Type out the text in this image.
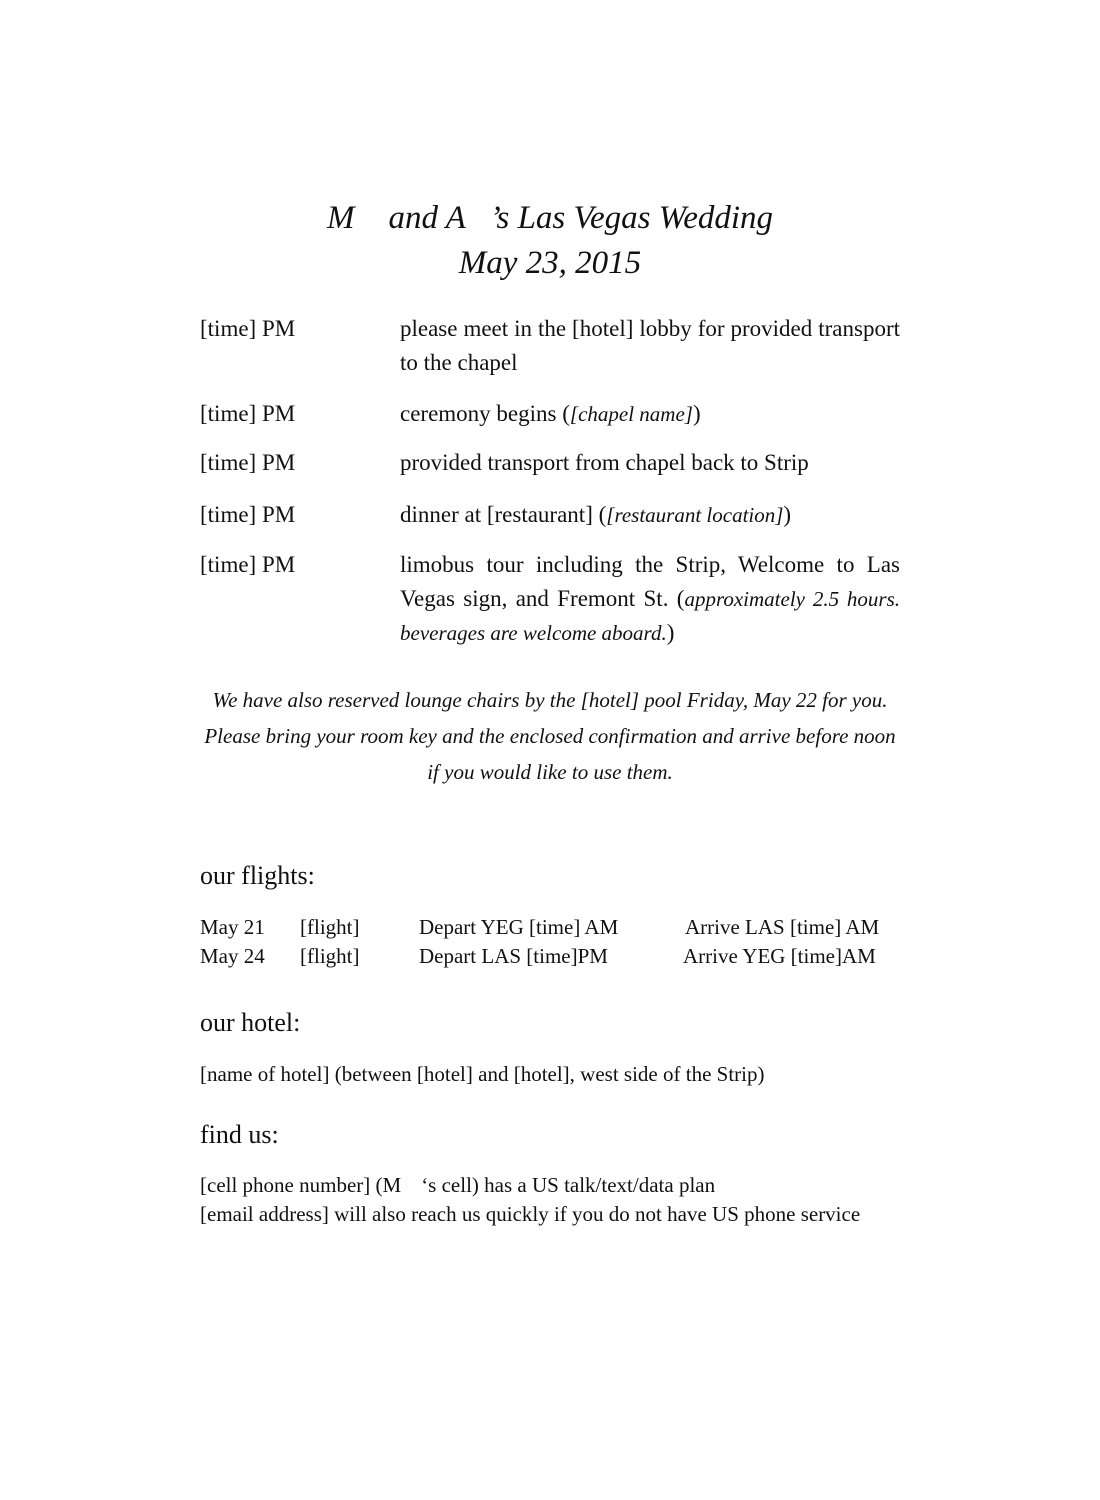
M and A ’s Las Vegas Wedding
May 23, 2015
[time] PM	please meet in the [hotel] lobby for provided transport to the chapel
[time] PM	ceremony begins ([chapel name])
[time] PM	provided transport from chapel back to Strip
[time] PM	dinner at [restaurant] ([restaurant location])
[time] PM	limobus tour including the Strip, Welcome to Las Vegas sign, and Fremont St. (approximately 2.5 hours. beverages are welcome aboard.)
We have also reserved lounge chairs by the [hotel] pool Friday, May 22 for you.
Please bring your room key and the enclosed confirmation and arrive before noon
if you would like to use them.
our flights:
May 21 [flight]	Depart YEG [time] AM	Arrive LAS [time] AM
May 24 [flight]	Depart LAS [time]PM	Arrive YEG [time]AM
our hotel:
[name of hotel] (between [hotel] and [hotel], west side of the Strip)
find us:
[cell phone number] (M ‘s cell) has a US talk/text/data plan
[email address] will also reach us quickly if you do not have US phone service
